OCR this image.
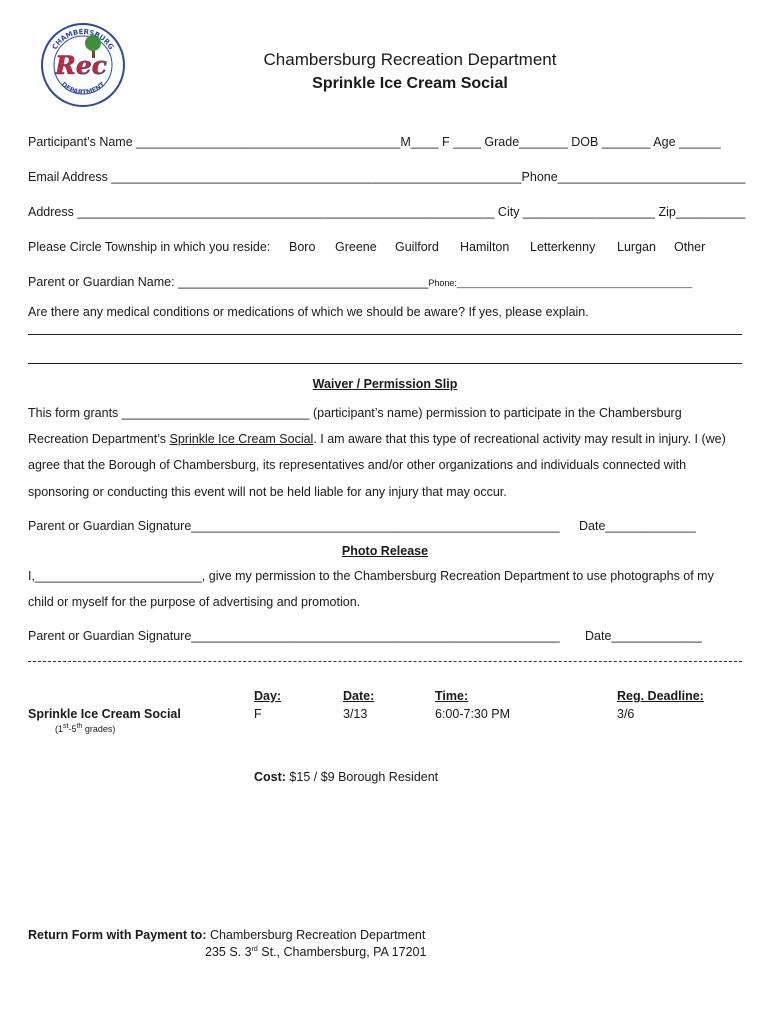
CHAMBERSBURG
Rec
DEPARTMENT
Chambersburg Recreation Department
Sprinkle Ice Cream Social
Participant’s Name ______________________________________M____ F ____ Grade_______ DOB _______ Age ______
Email Address ___________________________________________________________Phone___________________________
Address ____________________________________________________________ City ___________________ Zip__________
Please Circle Township in which you reside: Boro Greene Guilford Hamilton Letterkenny Lurgan Other
Parent or Guardian Name: ____________________________________Phone:_______________________________________________
Are there any medical conditions or medications of which we should be aware? If yes, please explain.
Waiver / Permission Slip
This form grants ___________________________ (participant’s name) permission to participate in the Chambersburg
Recreation Department’s Sprinkle Ice Cream Social. I am aware that this type of recreational activity may result in injury. I (we)
agree that the Borough of Chambersburg, its representatives and/or other organizations and individuals connected with
sponsoring or conducting this event will not be held liable for any injury that may occur.
Parent or Guardian Signature_____________________________________________________ Date_____________
Photo Release
I,________________________, give my permission to the Chambersburg Recreation Department to use photographs of my
child or myself for the purpose of advertising and promotion.
Parent or Guardian Signature_____________________________________________________ Date_____________
Sprinkle Ice Cream Social
(1st-5th grades)
Day:
F
Date:
3/13
Time:
6:00-7:30 PM
Reg. Deadline:
3/6
Cost: $15 / $9 Borough Resident
Return Form with Payment to: Chambersburg Recreation Department
235 S. 3rd St., Chambersburg, PA 17201
